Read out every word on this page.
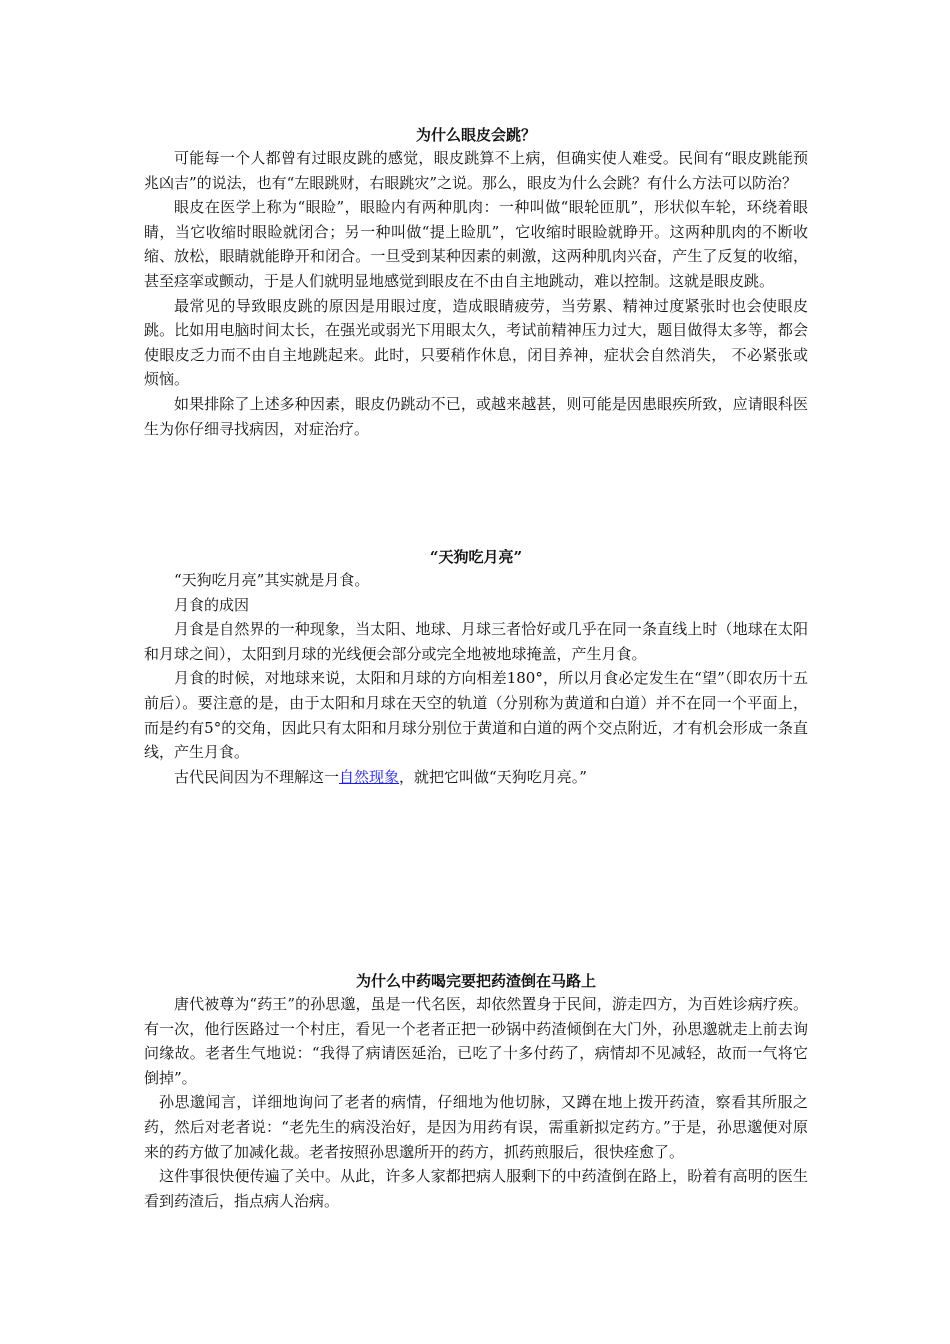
为什么眼皮会跳？

可能每一个人都曾有过眼皮跳的感觉，眼皮跳算不上病，但确实使人难受。民间有“眼皮跳能预兆凶吉”的说法，也有“左眼跳财，右眼跳灾”之说。那么，眼皮为什么会跳？有什么方法可以防治？

眼皮在医学上称为“眼睑”，眼睑内有两种肌肉：一种叫做“眼轮匝肌”，形状似车轮，环绕着眼睛，当它收缩时眼睑就闭合；另一种叫做“提上睑肌”，它收缩时眼睑就睁开。这两种肌肉的不断收缩、放松，眼睛就能睁开和闭合。一旦受到某种因素的刺激，这两种肌肉兴奋，产生了反复的收缩，甚至痉挛或颤动，于是人们就明显地感觉到眼皮在不由自主地跳动，难以控制。这就是眼皮跳。

最常见的导致眼皮跳的原因是用眼过度，造成眼睛疲劳，当劳累、精神过度紧张时也会使眼皮跳。比如用电脑时间太长，在强光或弱光下用眼太久，考试前精神压力过大，题目做得太多等，都会使眼皮乏力而不由自主地跳起来。此时，只要稍作休息，闭目养神，症状会自然消失， 不必紧张或烦恼。

如果排除了上述多种因素，眼皮仍跳动不已，或越来越甚，则可能是因患眼疾所致，应请眼科医生为你仔细寻找病因，对症治疗。

“天狗吃月亮”

“天狗吃月亮”其实就是月食。

月食的成因

月食是自然界的一种现象，当太阳、地球、月球三者恰好或几乎在同一条直线上时（地球在太阳和月球之间），太阳到月球的光线便会部分或完全地被地球掩盖，产生月食。

月食的时候，对地球来说，太阳和月球的方向相差180°，所以月食必定发生在“望”（即农历十五前后）。要注意的是，由于太阳和月球在天空的轨道（分别称为黄道和白道）并不在同一个平面上，而是约有5°的交角，因此只有太阳和月球分别位于黄道和白道的两个交点附近，才有机会形成一条直线，产生月食。

古代民间因为不理解这一自然现象，就把它叫做“天狗吃月亮。”

为什么中药喝完要把药渣倒在马路上

唐代被尊为“药王”的孙思邈，虽是一代名医，却依然置身于民间，游走四方，为百姓诊病疗疾。有一次，他行医路过一个村庄，看见一个老者正把一砂锅中药渣倾倒在大门外，孙思邈就走上前去询问缘故。老者生气地说：“我得了病请医延治，已吃了十多付药了，病情却不见减轻，故而一气将它倒掉”。

孙思邈闻言，详细地询问了老者的病情，仔细地为他切脉，又蹲在地上拨开药渣，察看其所服之药，然后对老者说：“老先生的病没治好，是因为用药有误，需重新拟定药方。”于是，孙思邈便对原来的药方做了加减化裁。老者按照孙思邈所开的药方，抓药煎服后，很快痊愈了。

这件事很快便传遍了关中。从此，许多人家都把病人服剩下的中药渣倒在路上，盼着有高明的医生看到药渣后，指点病人治病。
